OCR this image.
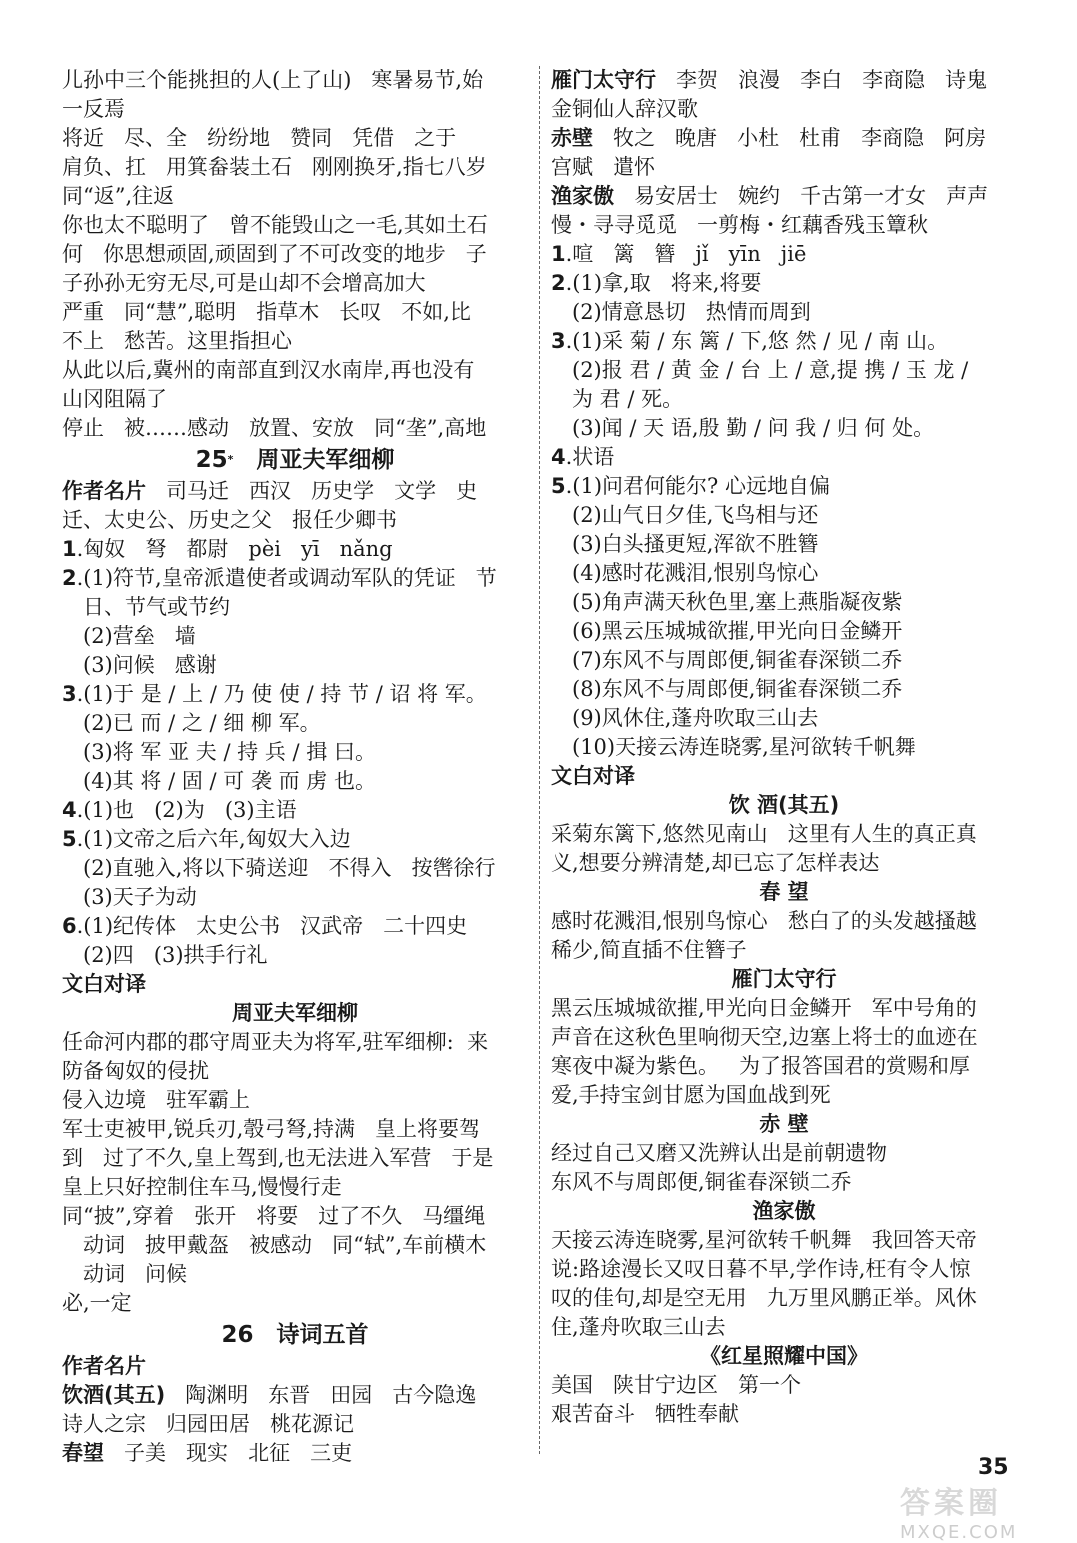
儿孙中三个能挑担的人(上了山)   寒暑易节,始
一反焉
将近   尽、全   纷纷地   赞同   凭借   之于
肩负、扛   用箕畚装土石   刚刚换牙,指七八岁
同“返”,往返
你也太不聪明了   曾不能毁山之一毛,其如土石
何   你思想顽固,顽固到了不可改变的地步   子
子孙孙无穷无尽,可是山却不会增高加大
严重   同“慧”,聪明   指草木   长叹   不如,比
不上   愁苦。这里指担心
从此以后,冀州的南部直到汉水南岸,再也没有
山冈阻隔了
停止   被……感动   放置、安放   同“垄”,高地
25*  周亚夫军细柳
作者名片   司马迁   西汉   历史学   文学   史
迁、太史公、历史之父   报任少卿书
1.匈奴   弩   都尉   pèi   yī   nǎng
2.(1)符节,皇帝派遣使者或调动军队的凭证   节
日、节气或节约
(2)营垒   墙
(3)问候   感谢
3.(1)于 是 / 上 / 乃 使 使 / 持 节 / 诏 将 军。
(2)已 而 / 之 / 细 柳 军。
(3)将 军 亚 夫 / 持 兵 / 揖 曰。
(4)其 将 / 固 / 可 袭 而 虏 也。
4.(1)也   (2)为   (3)主语
5.(1)文帝之后六年,匈奴大入边
(2)直驰入,将以下骑送迎   不得入   按辔徐行
(3)天子为动
6.(1)纪传体   太史公书   汉武帝   二十四史
(2)四   (3)拱手行礼
文白对译
周亚夫军细柳
任命河内郡的郡守周亚夫为将军,驻军细柳:  来
防备匈奴的侵扰
侵入边境   驻军霸上
军士吏被甲,锐兵刃,彀弓弩,持满   皇上将要驾
到   过了不久,皇上驾到,也无法进入军营   于是
皇上只好控制住车马,慢慢行走
同“披”,穿着   张开   将要   过了不久   马缰绳
动词   披甲戴盔   被感动   同“轼”,车前横木
动词   问候
必,一定
26  诗词五首
作者名片
饮酒(其五)   陶渊明   东晋   田园   古今隐逸
诗人之宗   归园田居   桃花源记
春望   子美   现实   北征   三吏
雁门太守行   李贺   浪漫   李白   李商隐   诗鬼
金铜仙人辞汉歌
赤壁   牧之   晚唐   小杜   杜甫   李商隐   阿房
宫赋   遣怀
渔家傲   易安居士   婉约   千古第一才女   声声
慢・寻寻觅觅   一剪梅・红藕香残玉簟秋
1.喧   篱   簪   jǐ   yīn   jiē
2.(1)拿,取   将来,将要
(2)情意恳切   热情而周到
3.(1)采 菊 / 东 篱 / 下,悠 然 / 见 / 南 山。
(2)报 君 / 黄 金 / 台 上 / 意,提 携 / 玉 龙 /
为 君 / 死。
(3)闻 / 天 语,殷 勤 / 问 我 / 归 何 处。
4.状语
5.(1)问君何能尔? 心远地自偏
(2)山气日夕佳,飞鸟相与还
(3)白头搔更短,浑欲不胜簪
(4)感时花溅泪,恨别鸟惊心
(5)角声满天秋色里,塞上燕脂凝夜紫
(6)黑云压城城欲摧,甲光向日金鳞开
(7)东风不与周郎便,铜雀春深锁二乔
(8)东风不与周郎便,铜雀春深锁二乔
(9)风休住,蓬舟吹取三山去
(10)天接云涛连晓雾,星河欲转千帆舞
文白对译
饮 酒(其五)
采菊东篱下,悠然见南山   这里有人生的真正真
义,想要分辨清楚,却已忘了怎样表达
春 望
感时花溅泪,恨别鸟惊心   愁白了的头发越搔越
稀少,简直插不住簪子
雁门太守行
黑云压城城欲摧,甲光向日金鳞开   军中号角的
声音在这秋色里响彻天空,边塞上将士的血迹在
寒夜中凝为紫色。   为了报答国君的赏赐和厚
爱,手持宝剑甘愿为国血战到死
赤 壁
经过自己又磨又洗辨认出是前朝遗物
东风不与周郎便,铜雀春深锁二乔
渔家傲
天接云涛连晓雾,星河欲转千帆舞   我回答天帝
说:路途漫长又叹日暮不早,学作诗,枉有令人惊
叹的佳句,却是空无用   九万里风鹏正举。风休
住,蓬舟吹取三山去
《红星照耀中国》
美国   陕甘宁边区   第一个
艰苦奋斗   牺牲奉献
35
答案圈
MXQE.COM
